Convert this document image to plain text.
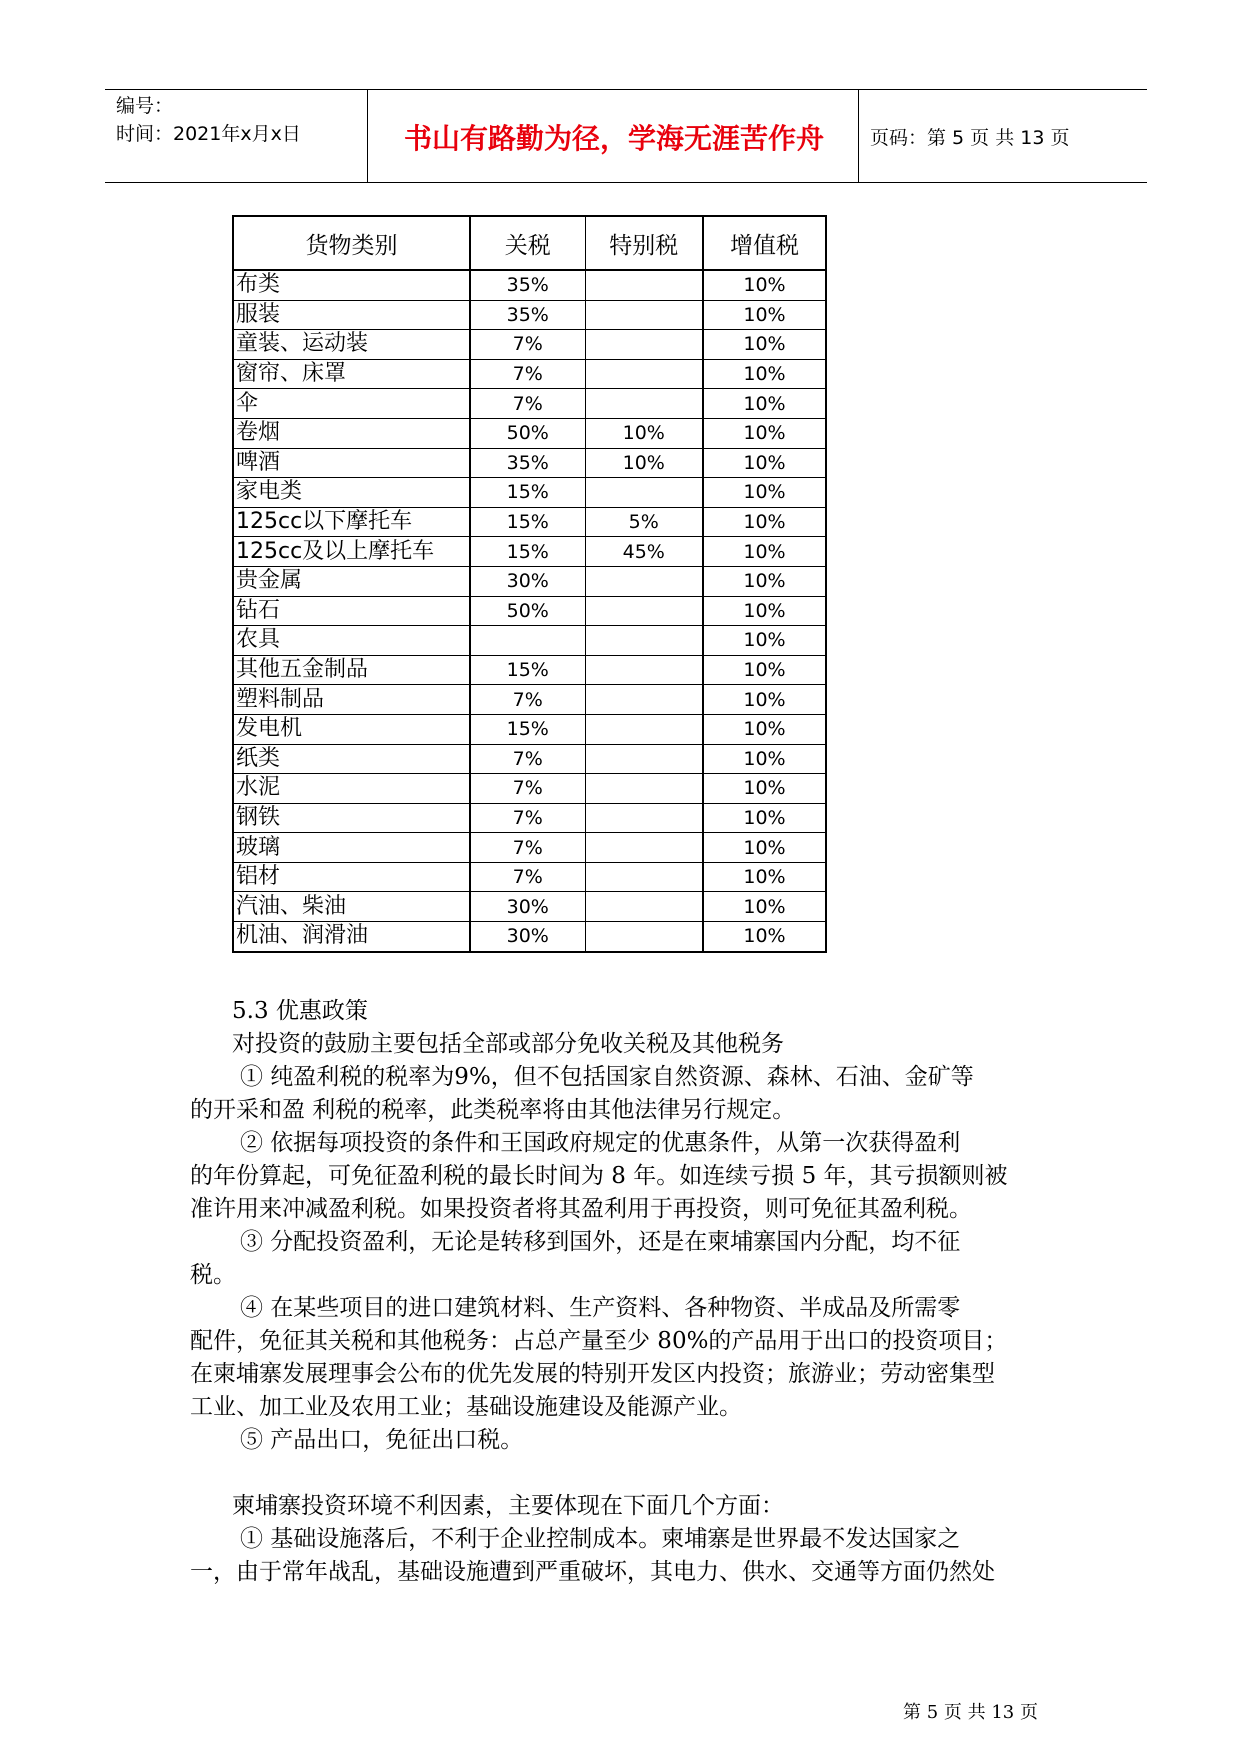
编号：
时间：2021年x月x日	书山有路勤为径，学海无涯苦作舟	页码：第 5 页 共 13 页
货物类别	关税	特别税	增值税
布类	35%		10%
服装	35%		10%
童装、运动装	7%		10%
窗帘、床罩	7%		10%
伞	7%		10%
卷烟	50%	10%	10%
啤酒	35%	10%	10%
家电类	15%		10%
125cc以下摩托车	15%	5%	10%
125cc及以上摩托车	15%	45%	10%
贵金属	30%		10%
钻石	50%		10%
农具			10%
其他五金制品	15%		10%
塑料制品	7%		10%
发电机	15%		10%
纸类	7%		10%
水泥	7%		10%
钢铁	7%		10%
玻璃	7%		10%
铝材	7%		10%
汽油、柴油	30%		10%
机油、润滑油	30%		10%
5.3 优惠政策
对投资的鼓励主要包括全部或部分免收关税及其他税务
① 纯盈利税的税率为9%，但不包括国家自然资源、森林、石油、金矿等
的开采和盈 利税的税率，此类税率将由其他法律另行规定。
② 依据每项投资的条件和王国政府规定的优惠条件，从第一次获得盈利
的年份算起，可免征盈利税的最长时间为 8 年。如连续亏损 5 年，其亏损额则被
准许用来冲减盈利税。如果投资者将其盈利用于再投资，则可免征其盈利税。
③ 分配投资盈利，无论是转移到国外，还是在柬埔寨国内分配，均不征
税。
④ 在某些项目的进口建筑材料、生产资料、各种物资、半成品及所需零
配件，免征其关税和其他税务：占总产量至少 80%的产品用于出口的投资项目；
在柬埔寨发展理事会公布的优先发展的特别开发区内投资；旅游业；劳动密集型
工业、加工业及农用工业；基础设施建设及能源产业。
⑤ 产品出口，免征出口税。
柬埔寨投资环境不利因素，主要体现在下面几个方面：
① 基础设施落后，不利于企业控制成本。柬埔寨是世界最不发达国家之
一，由于常年战乱，基础设施遭到严重破坏，其电力、供水、交通等方面仍然处
第 5 页 共 13 页
